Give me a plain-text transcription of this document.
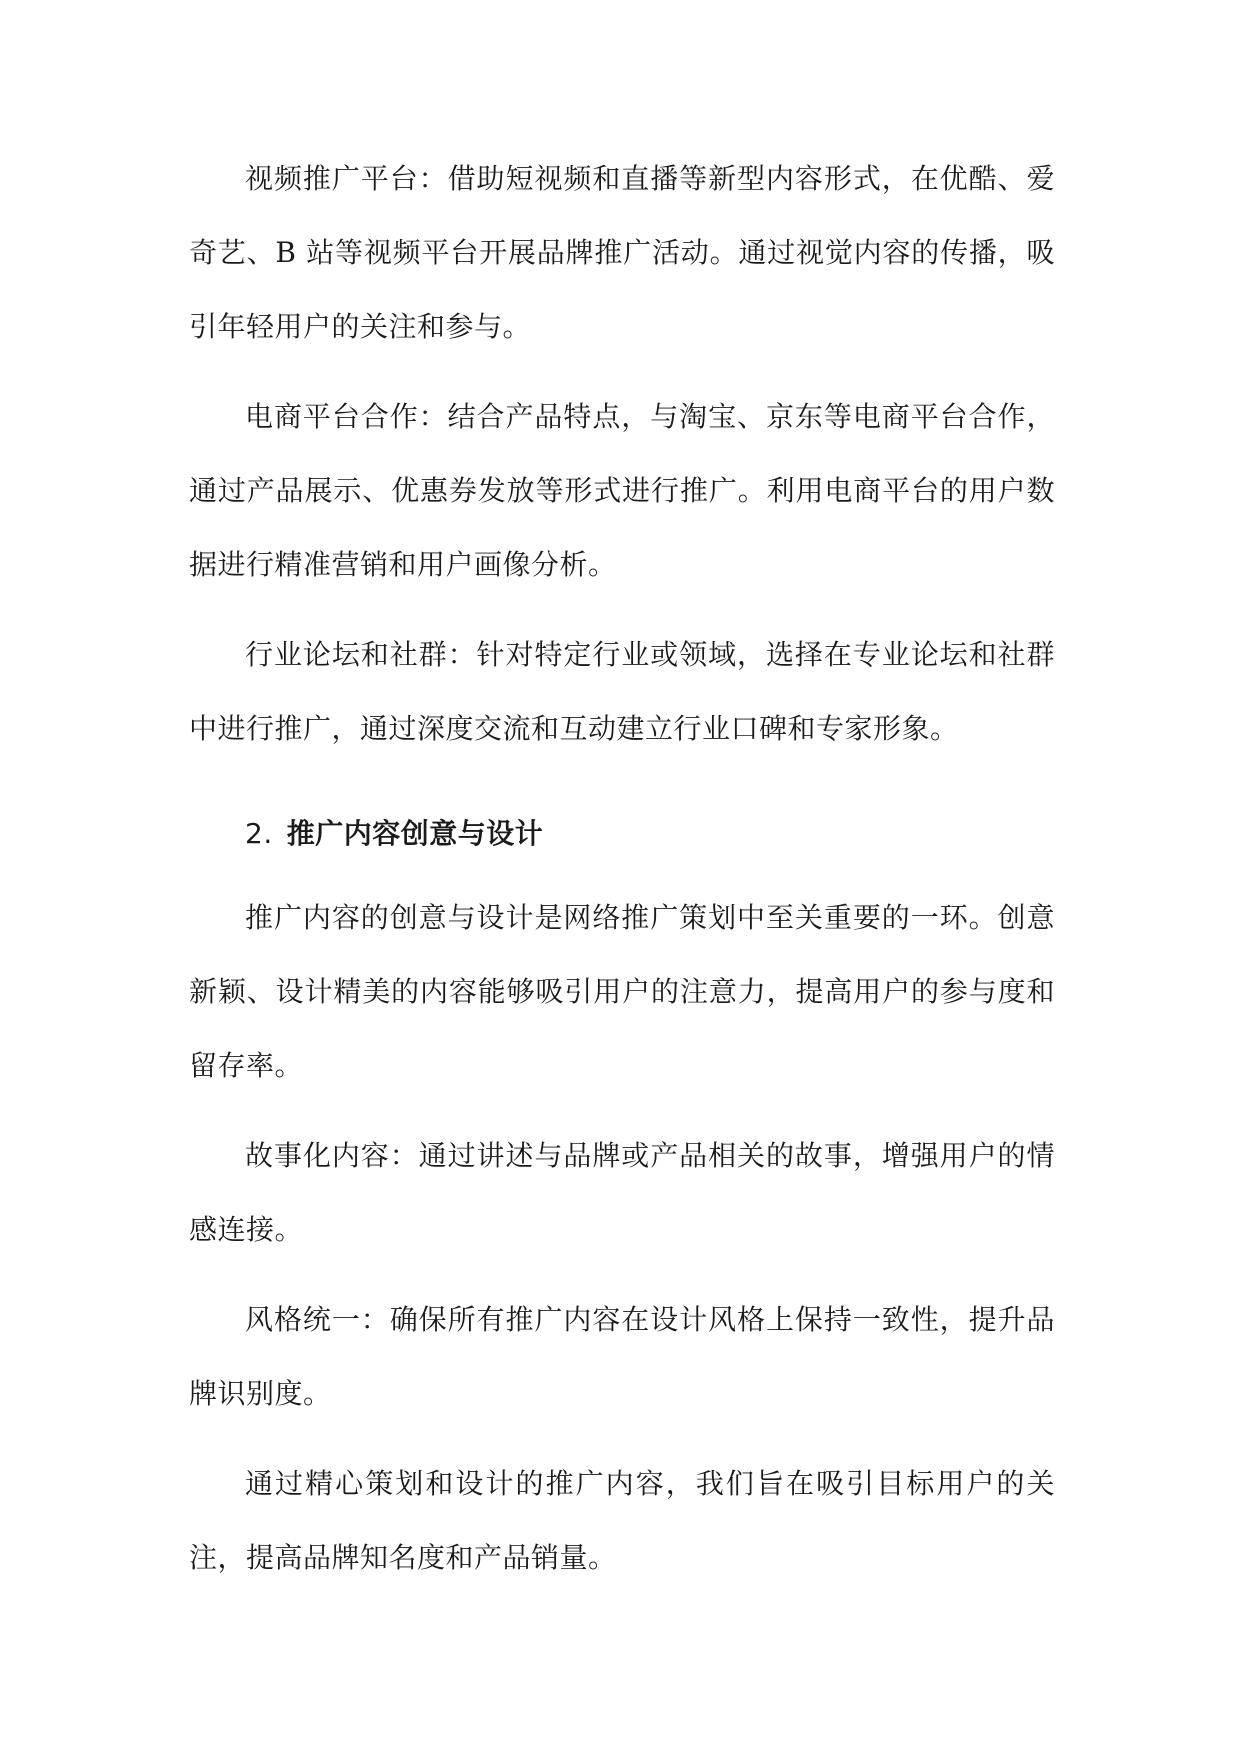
视频推广平台：借助短视频和直播等新型内容形式，在优酷、爱奇艺、B 站等视频平台开展品牌推广活动。通过视觉内容的传播，吸引年轻用户的关注和参与。

电商平台合作：结合产品特点，与淘宝、京东等电商平台合作，通过产品展示、优惠券发放等形式进行推广。利用电商平台的用户数据进行精准营销和用户画像分析。

行业论坛和社群：针对特定行业或领域，选择在专业论坛和社群中进行推广，通过深度交流和互动建立行业口碑和专家形象。

2. 推广内容创意与设计

推广内容的创意与设计是网络推广策划中至关重要的一环。创意新颖、设计精美的内容能够吸引用户的注意力，提高用户的参与度和留存率。

故事化内容：通过讲述与品牌或产品相关的故事，增强用户的情感连接。

风格统一：确保所有推广内容在设计风格上保持一致性，提升品牌识别度。

通过精心策划和设计的推广内容，我们旨在吸引目标用户的关注，提高品牌知名度和产品销量。
